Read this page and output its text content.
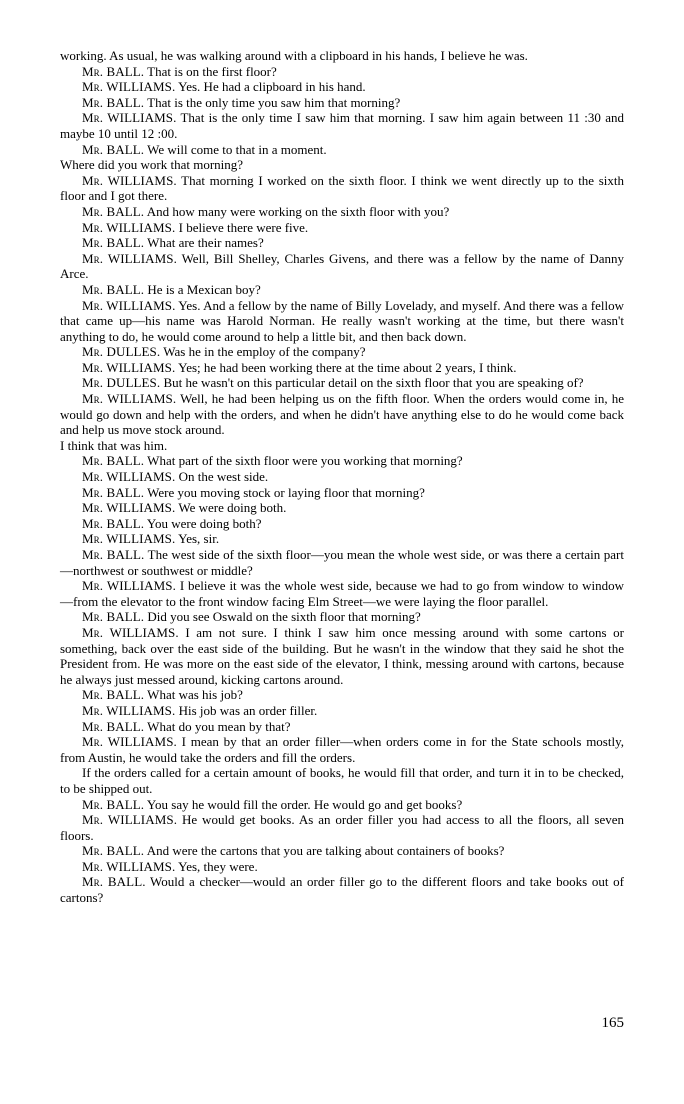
working. As usual, he was walking around with a clipboard in his hands, I believe he was.

Mr. BALL. That is on the first floor?

Mr. WILLIAMS. Yes. He had a clipboard in his hand.

Mr. BALL. That is the only time you saw him that morning?

Mr. WILLIAMS. That is the only time I saw him that morning. I saw him again between 11 :30 and maybe 10 until 12 :00.

Mr. BALL. We will come to that in a moment.

Where did you work that morning?

Mr. WILLIAMS. That morning I worked on the sixth floor. I think we went directly up to the sixth floor and I got there.

Mr. BALL. And how many were working on the sixth floor with you?

Mr. WILLIAMS. I believe there were five.

Mr. BALL. What are their names?

Mr. WILLIAMS. Well, Bill Shelley, Charles Givens, and there was a fellow by the name of Danny Arce.

Mr. BALL. He is a Mexican boy?

Mr. WILLIAMS. Yes. And a fellow by the name of Billy Lovelady, and myself. And there was a fellow that came up—his name was Harold Norman. He really wasn't working at the time, but there wasn't anything to do, he would come around to help a little bit, and then back down.

Mr. DULLES. Was he in the employ of the company?

Mr. WILLIAMS. Yes; he had been working there at the time about 2 years, I think.

Mr. DULLES. But he wasn't on this particular detail on the sixth floor that you are speaking of?

Mr. WILLIAMS. Well, he had been helping us on the fifth floor. When the orders would come in, he would go down and help with the orders, and when he didn't have anything else to do he would come back and help us move stock around.

I think that was him.

Mr. BALL. What part of the sixth floor were you working that morning?

Mr. WILLIAMS. On the west side.

Mr. BALL. Were you moving stock or laying floor that morning?

Mr. WILLIAMS. We were doing both.

Mr. BALL. You were doing both?

Mr. WILLIAMS. Yes, sir.

Mr. BALL. The west side of the sixth floor—you mean the whole west side, or was there a certain part—northwest or southwest or middle?

Mr. WILLIAMS. I believe it was the whole west side, because we had to go from window to window—from the elevator to the front window facing Elm Street—we were laying the floor parallel.

Mr. BALL. Did you see Oswald on the sixth floor that morning?

Mr. WILLIAMS. I am not sure. I think I saw him once messing around with some cartons or something, back over the east side of the building. But he wasn't in the window that they said he shot the President from. He was more on the east side of the elevator, I think, messing around with cartons, because he always just messed around, kicking cartons around.

Mr. BALL. What was his job?

Mr. WILLIAMS. His job was an order filler.

Mr. BALL. What do you mean by that?

Mr. WILLIAMS. I mean by that an order filler—when orders come in for the State schools mostly, from Austin, he would take the orders and fill the orders.

If the orders called for a certain amount of books, he would fill that order, and turn it in to be checked, to be shipped out.

Mr. BALL. You say he would fill the order. He would go and get books?

Mr. WILLIAMS. He would get books. As an order filler you had access to all the floors, all seven floors.

Mr. BALL. And were the cartons that you are talking about containers of books?

Mr. WILLIAMS. Yes, they were.

Mr. BALL. Would a checker—would an order filler go to the different floors and take books out of cartons?

165
